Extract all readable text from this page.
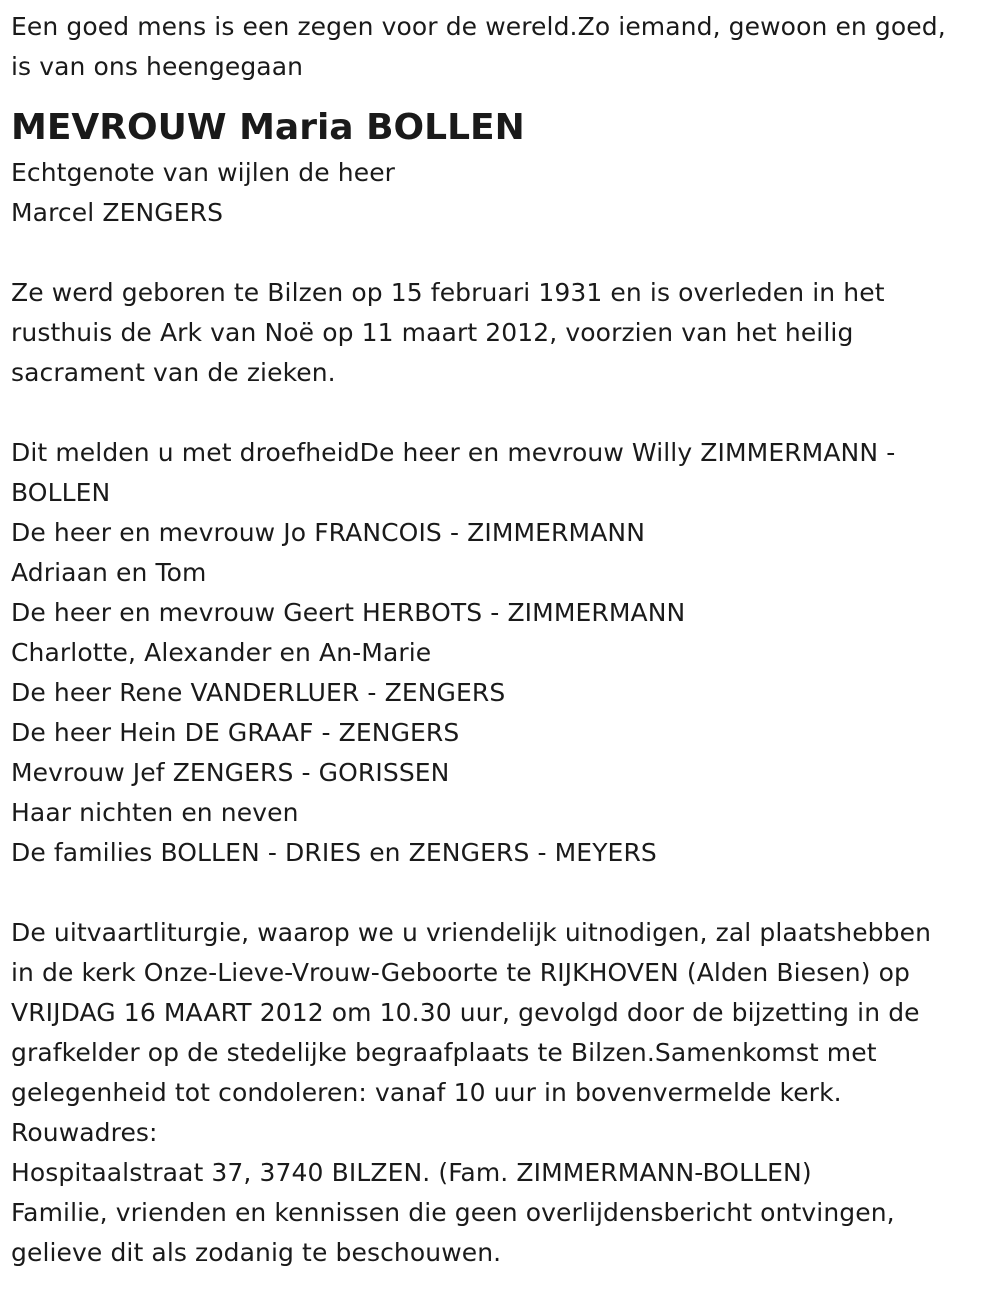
Een goed mens is een zegen voor de wereld.Zo iemand, gewoon en goed,
is van ons heengegaan
MEVROUW Maria BOLLEN
Echtgenote van wijlen de heer
Marcel ZENGERS
Ze werd geboren te Bilzen op 15 februari 1931 en is overleden in het
rusthuis de Ark van Noë op 11 maart 2012, voorzien van het heilig
sacrament van de zieken.
Dit melden u met droefheidDe heer en mevrouw Willy ZIMMERMANN -
BOLLEN
De heer en mevrouw Jo FRANCOIS - ZIMMERMANN
Adriaan en Tom
De heer en mevrouw Geert HERBOTS - ZIMMERMANN
Charlotte, Alexander en An-Marie
De heer Rene VANDERLUER - ZENGERS
De heer Hein DE GRAAF - ZENGERS
Mevrouw Jef ZENGERS - GORISSEN
Haar nichten en neven
De families BOLLEN - DRIES en ZENGERS - MEYERS
De uitvaartliturgie, waarop we u vriendelijk uitnodigen, zal plaatshebben
in de kerk Onze-Lieve-Vrouw-Geboorte te RIJKHOVEN (Alden Biesen) op
VRIJDAG 16 MAART 2012 om 10.30 uur, gevolgd door de bijzetting in de
grafkelder op de stedelijke begraafplaats te Bilzen.Samenkomst met
gelegenheid tot condoleren: vanaf 10 uur in bovenvermelde kerk.
Rouwadres:
Hospitaalstraat 37, 3740 BILZEN. (Fam. ZIMMERMANN-BOLLEN)
Familie, vrienden en kennissen die geen overlijdensbericht ontvingen,
gelieve dit als zodanig te beschouwen.
